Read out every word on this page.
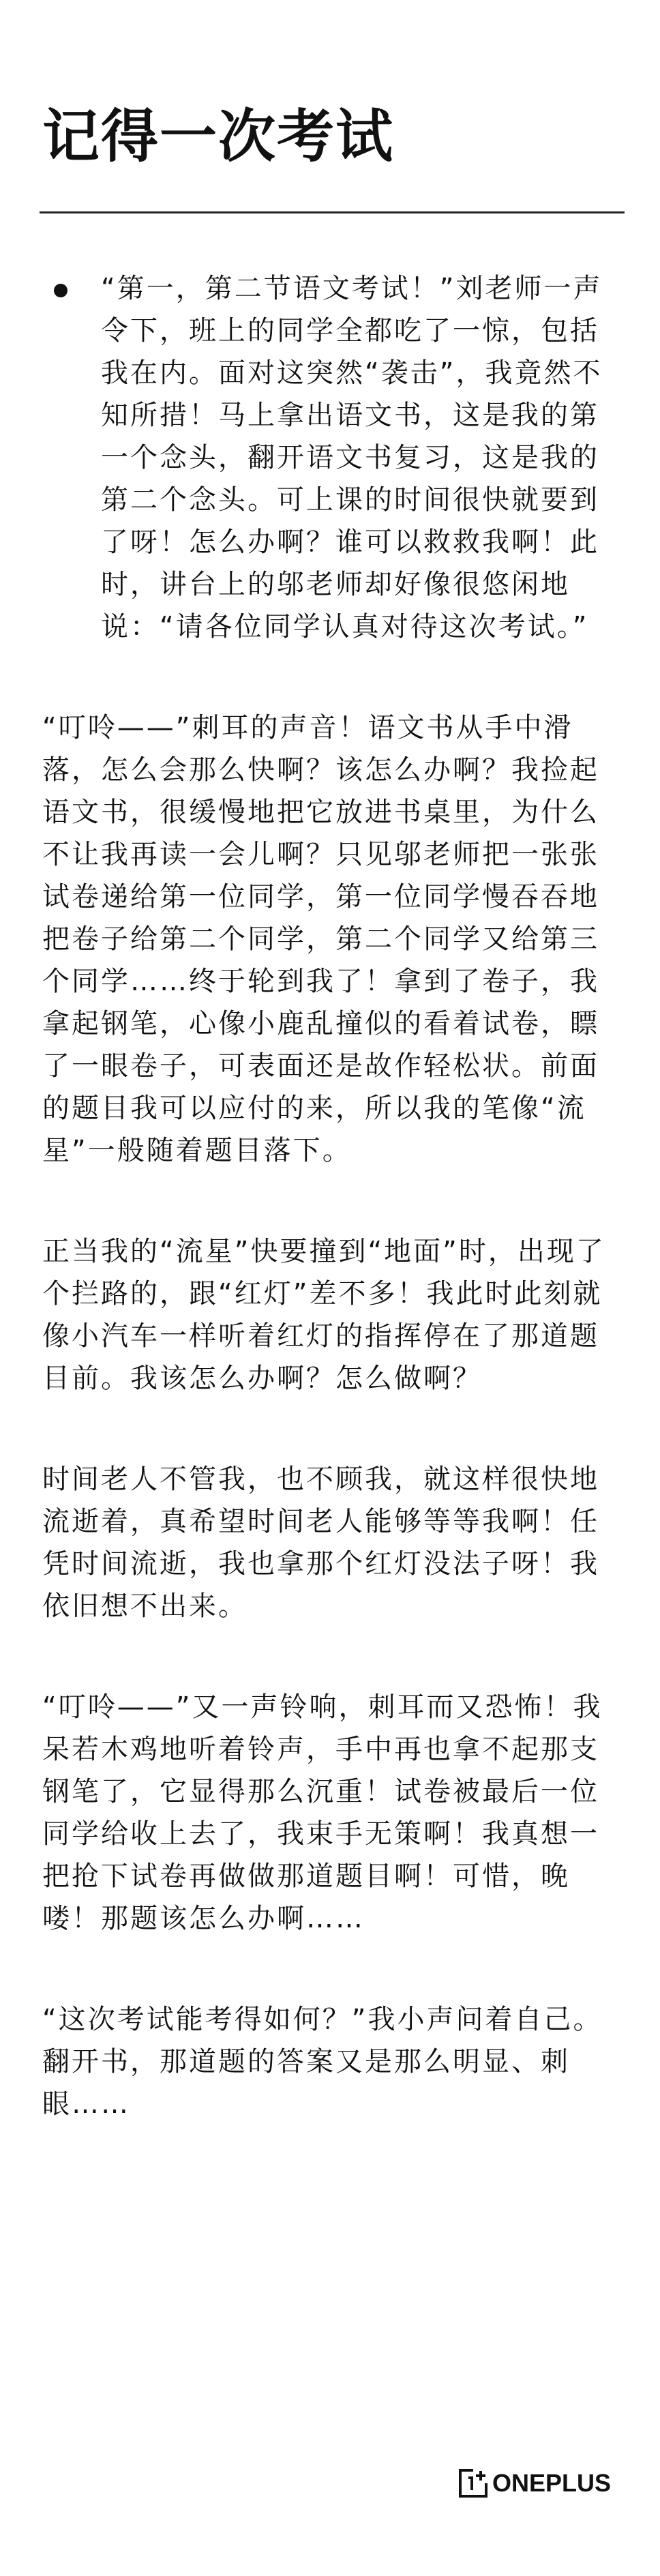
记得一次考试
“第一，第二节语文考试！”刘老师一声令下，班上的同学全都吃了一惊，包括我在内。面对这突然“袭击”，我竟然不知所措！马上拿出语文书，这是我的第一个念头，翻开语文书复习，这是我的第二个念头。可上课的时间很快就要到了呀！怎么办啊？谁可以救救我啊！此时，讲台上的邬老师却好像很悠闲地说：“请各位同学认真对待这次考试。”

“叮呤——”刺耳的声音！语文书从手中滑落，怎么会那么快啊？该怎么办啊？我捡起语文书，很缓慢地把它放进书桌里，为什么不让我再读一会儿啊？只见邬老师把一张张试卷递给第一位同学，第一位同学慢吞吞地把卷子给第二个同学，第二个同学又给第三个同学……终于轮到我了！拿到了卷子，我拿起钢笔，心像小鹿乱撞似的看着试卷，瞟了一眼卷子，可表面还是故作轻松状。前面的题目我可以应付的来，所以我的笔像“流星”一般随着题目落下。

正当我的“流星”快要撞到“地面”时，出现了个拦路的，跟“红灯”差不多！我此时此刻就像小汽车一样听着红灯的指挥停在了那道题目前。我该怎么办啊？怎么做啊？

时间老人不管我，也不顾我，就这样很快地流逝着，真希望时间老人能够等等我啊！任凭时间流逝，我也拿那个红灯没法子呀！我依旧想不出来。

“叮呤——”又一声铃响，刺耳而又恐怖！我呆若木鸡地听着铃声，手中再也拿不起那支钢笔了，它显得那么沉重！试卷被最后一位同学给收上去了，我束手无策啊！我真想一把抢下试卷再做做那道题目啊！可惜，晚喽！那题该怎么办啊……

“这次考试能考得如何？”我小声问着自己。翻开书，那道题的答案又是那么明显、刺眼……

ONEPLUS
